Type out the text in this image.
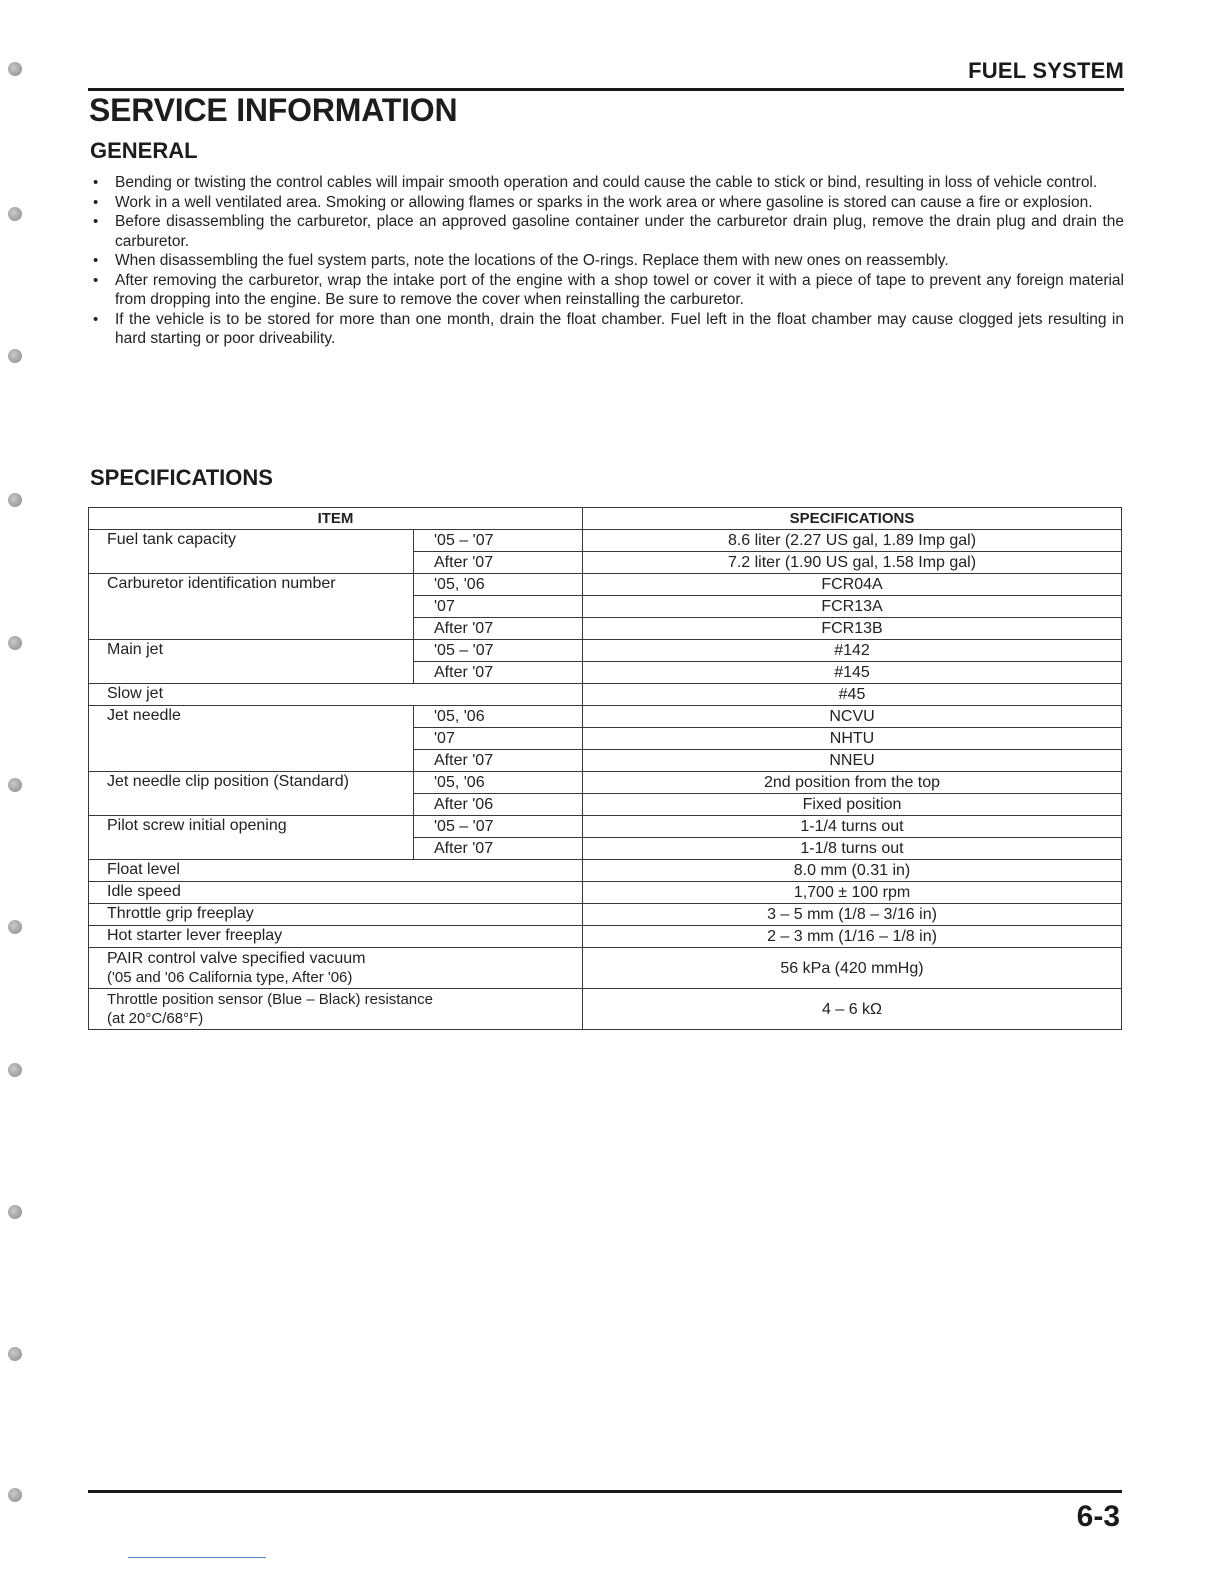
FUEL SYSTEM
SERVICE INFORMATION
GENERAL
• Bending or twisting the control cables will impair smooth operation and could cause the cable to stick or bind, resulting in loss of vehicle control.
• Work in a well ventilated area. Smoking or allowing flames or sparks in the work area or where gasoline is stored can cause a fire or explosion.
• Before disassembling the carburetor, place an approved gasoline container under the carburetor drain plug, remove the drain plug and drain the carburetor.
• When disassembling the fuel system parts, note the locations of the O-rings. Replace them with new ones on reassembly.
• After removing the carburetor, wrap the intake port of the engine with a shop towel or cover it with a piece of tape to prevent any foreign material from dropping into the engine. Be sure to remove the cover when reinstalling the carburetor.
• If the vehicle is to be stored for more than one month, drain the float chamber. Fuel left in the float chamber may cause clogged jets resulting in hard starting or poor driveability.
SPECIFICATIONS
ITEM		SPECIFICATIONS
Fuel tank capacity	'05 – '07	8.6 liter (2.27 US gal, 1.89 Imp gal)
	After '07	7.2 liter (1.90 US gal, 1.58 Imp gal)
Carburetor identification number	'05, '06	FCR04A
	'07	FCR13A
	After '07	FCR13B
Main jet	'05 – '07	#142
	After '07	#145
Slow jet		#45
Jet needle	'05, '06	NCVU
	'07	NHTU
	After '07	NNEU
Jet needle clip position (Standard)	'05, '06	2nd position from the top
	After '06	Fixed position
Pilot screw initial opening	'05 – '07	1-1/4 turns out
	After '07	1-1/8 turns out
Float level		8.0 mm (0.31 in)
Idle speed		1,700 ± 100 rpm
Throttle grip freeplay		3 – 5 mm (1/8 – 3/16 in)
Hot starter lever freeplay		2 – 3 mm (1/16 – 1/8 in)

PAIR control valve specified vacuum
('05 and '06 California type, After '06)		56 kPa (420 mmHg)

Throttle position sensor (Blue – Black) resistance
(at 20°C/68°F)		4 – 6 kΩ
6-3
